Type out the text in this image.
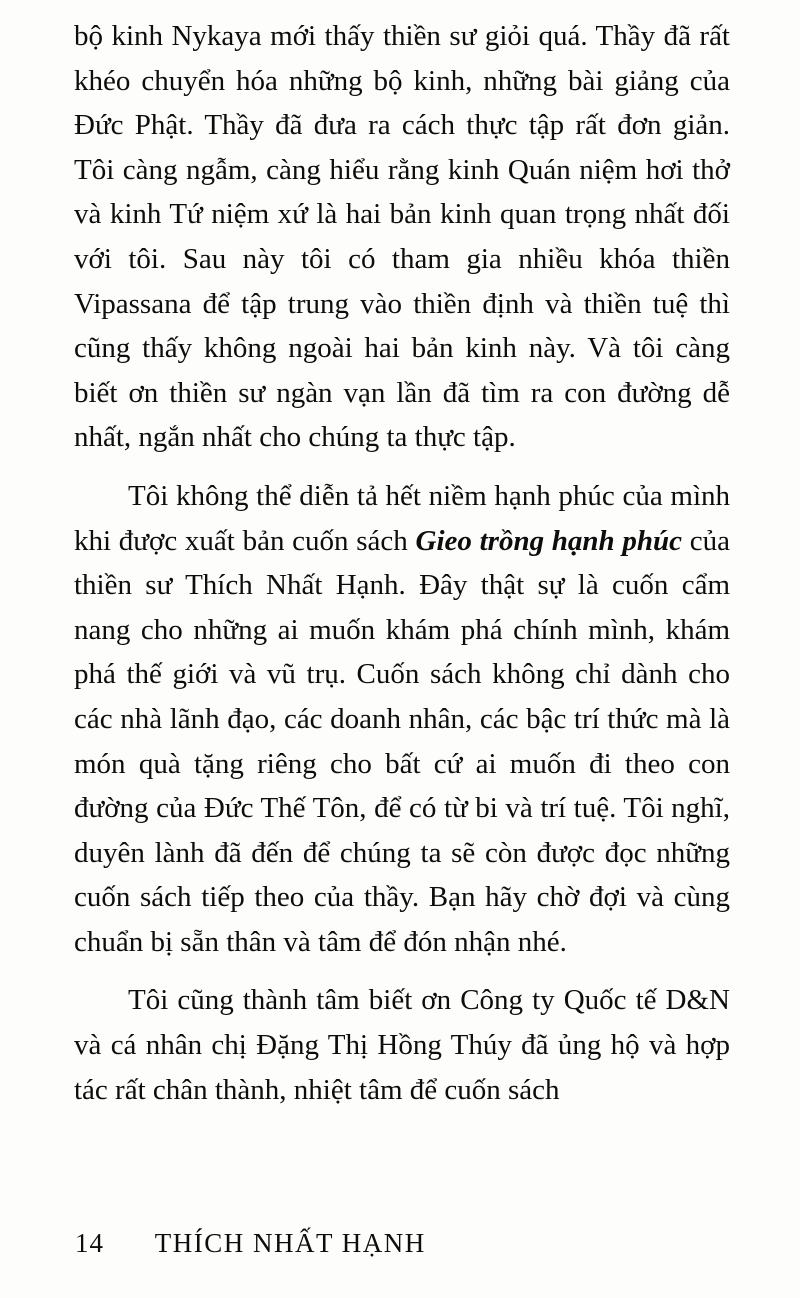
bộ kinh Nykaya mới thấy thiền sư giỏi quá. Thầy đã rất khéo chuyển hóa những bộ kinh, những bài giảng của Đức Phật. Thầy đã đưa ra cách thực tập rất đơn giản. Tôi càng ngẫm, càng hiểu rằng kinh Quán niệm hơi thở và kinh Tứ niệm xứ là hai bản kinh quan trọng nhất đối với tôi. Sau này tôi có tham gia nhiều khóa thiền Vipassana để tập trung vào thiền định và thiền tuệ thì cũng thấy không ngoài hai bản kinh này. Và tôi càng biết ơn thiền sư ngàn vạn lần đã tìm ra con đường dễ nhất, ngắn nhất cho chúng ta thực tập.

Tôi không thể diễn tả hết niềm hạnh phúc của mình khi được xuất bản cuốn sách Gieo trồng hạnh phúc của thiền sư Thích Nhất Hạnh. Đây thật sự là cuốn cẩm nang cho những ai muốn khám phá chính mình, khám phá thế giới và vũ trụ. Cuốn sách không chỉ dành cho các nhà lãnh đạo, các doanh nhân, các bậc trí thức mà là món quà tặng riêng cho bất cứ ai muốn đi theo con đường của Đức Thế Tôn, để có từ bi và trí tuệ. Tôi nghĩ, duyên lành đã đến để chúng ta sẽ còn được đọc những cuốn sách tiếp theo của thầy. Bạn hãy chờ đợi và cùng chuẩn bị sẵn thân và tâm để đón nhận nhé.

Tôi cũng thành tâm biết ơn Công ty Quốc tế D&N và cá nhân chị Đặng Thị Hồng Thúy đã ủng hộ và hợp tác rất chân thành, nhiệt tâm để cuốn sách

14 THÍCH NHẤT HẠNH
